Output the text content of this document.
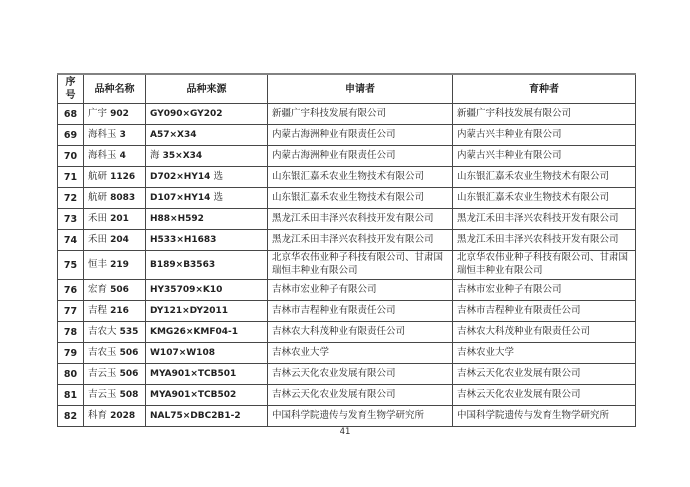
序号	品种名称	品种来源	申请者	育种者
68	广宇 902	GY090×GY202	新疆广宇科技发展有限公司	新疆广宇科技发展有限公司
69	海科玉 3	A57×X34	内蒙古海洲种业有限责任公司	内蒙古兴丰种业有限公司
70	海科玉 4	海 35×X34	内蒙古海洲种业有限责任公司	内蒙古兴丰种业有限公司
71	航研 1126	D702×HY14 选	山东银汇嘉禾农业生物技术有限公司	山东银汇嘉禾农业生物技术有限公司
72	航研 8083	D107×HY14 选	山东银汇嘉禾农业生物技术有限公司	山东银汇嘉禾农业生物技术有限公司
73	禾田 201	H88×H592	黑龙江禾田丰泽兴农科技开发有限公司	黑龙江禾田丰泽兴农科技开发有限公司
74	禾田 204	H533×H1683	黑龙江禾田丰泽兴农科技开发有限公司	黑龙江禾田丰泽兴农科技开发有限公司
75	恒丰 219	B189×B3563	北京华农伟业种子科技有限公司、甘肃国瑞恒丰种业有限公司	北京华农伟业种子科技有限公司、甘肃国瑞恒丰种业有限公司
76	宏育 506	HY35709×K10	吉林市宏业种子有限公司	吉林市宏业种子有限公司
77	吉程 216	DY121×DY2011	吉林市吉程种业有限责任公司	吉林市吉程种业有限责任公司
78	吉农大 535	KMG26×KMF04-1	吉林农大科茂种业有限责任公司	吉林农大科茂种业有限责任公司
79	吉农玉 506	W107×W108	吉林农业大学	吉林农业大学
80	吉云玉 506	MYA901×TCB501	吉林云天化农业发展有限公司	吉林云天化农业发展有限公司
81	吉云玉 508	MYA901×TCB502	吉林云天化农业发展有限公司	吉林云天化农业发展有限公司
82	科育 2028	NAL75×DBC2B1-2	中国科学院遗传与发育生物学研究所	中国科学院遗传与发育生物学研究所
41
